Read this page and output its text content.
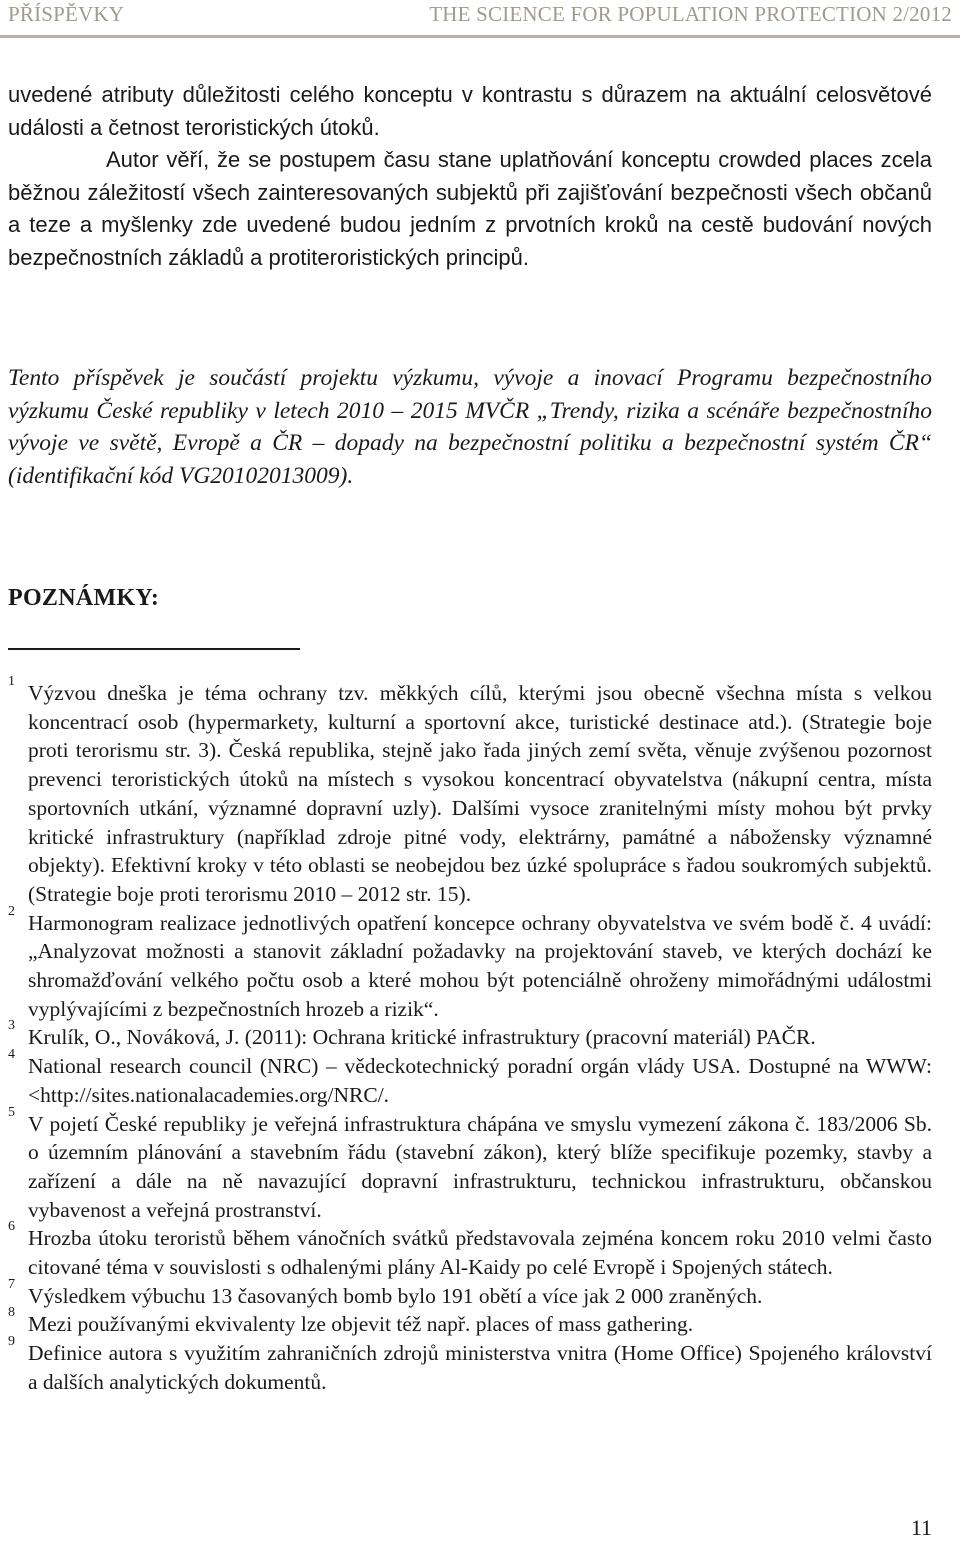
PŘÍSPĚVKY	THE SCIENCE FOR POPULATION PROTECTION 2/2012

uvedené atributy důležitosti celého konceptu v kontrastu s důrazem na aktuální celosvětové události a četnost teroristických útoků.

Autor věří, že se postupem času stane uplatňování konceptu crowded places zcela běžnou záležitostí všech zainteresovaných subjektů při zajišťování bezpečnosti všech občanů a teze a myšlenky zde uvedené budou jedním z prvotních kroků na cestě budování nových bezpečnostních základů a protiteroristických principů.

Tento příspěvek je součástí projektu výzkumu, vývoje a inovací Programu bezpečnostního výzkumu České republiky v letech 2010 – 2015 MVČR „Trendy, rizika a scénáře bezpečnostního vývoje ve světě, Evropě a ČR – dopady na bezpečnostní politiku a bezpečnostní systém ČR“ (identifikační kód VG20102013009).

POZNÁMKY:
1 Výzvou dneška je téma ochrany tzv. měkkých cílů, kterými jsou obecně všechna místa s velkou koncentrací osob (hypermarkety, kulturní a sportovní akce, turistické destinace atd.). (Strategie boje proti terorismu str. 3). Česká republika, stejně jako řada jiných zemí světa, věnuje zvýšenou pozornost prevenci teroristických útoků na místech s vysokou koncentrací obyvatelstva (nákupní centra, místa sportovních utkání, významné dopravní uzly). Dalšími vysoce zranitelnými místy mohou být prvky kritické infrastruktury (například zdroje pitné vody, elektrárny, památné a nábožensky významné objekty). Efektivní kroky v této oblasti se neobejdou bez úzké spolupráce s řadou soukromých subjektů. (Strategie boje proti terorismu 2010 – 2012 str. 15).
2 Harmonogram realizace jednotlivých opatření koncepce ochrany obyvatelstva ve svém bodě č. 4 uvádí: „Analyzovat možnosti a stanovit základní požadavky na projektování staveb, ve kterých dochází ke shromažďování velkého počtu osob a které mohou být potenciálně ohroženy mimořádnými událostmi vyplývajícími z bezpečnostních hrozeb a rizik“.
3 Krulík, O., Nováková, J. (2011): Ochrana kritické infrastruktury (pracovní materiál) PAČR.
4 National research council (NRC) – vědeckotechnický poradní orgán vlády USA. Dostupné na WWW: <http://sites.nationalacademies.org/NRC/.
5 V pojetí České republiky je veřejná infrastruktura chápána ve smyslu vymezení zákona č. 183/2006 Sb. o územním plánování a stavebním řádu (stavební zákon), který blíže specifikuje pozemky, stavby a zařízení a dále na ně navazující dopravní infrastrukturu, technickou infrastrukturu, občanskou vybavenost a veřejná prostranství.
6 Hrozba útoku teroristů během vánočních svátků představovala zejména koncem roku 2010 velmi často citované téma v souvislosti s odhalenými plány Al-Kaidy po celé Evropě i Spojených státech.
7 Výsledkem výbuchu 13 časovaných bomb bylo 191 obětí a více jak 2 000 zraněných.
8 Mezi používanými ekvivalenty lze objevit též např. places of mass gathering.
9 Definice autora s využitím zahraničních zdrojů ministerstva vnitra (Home Office) Spojeného království a dalších analytických dokumentů.
11
